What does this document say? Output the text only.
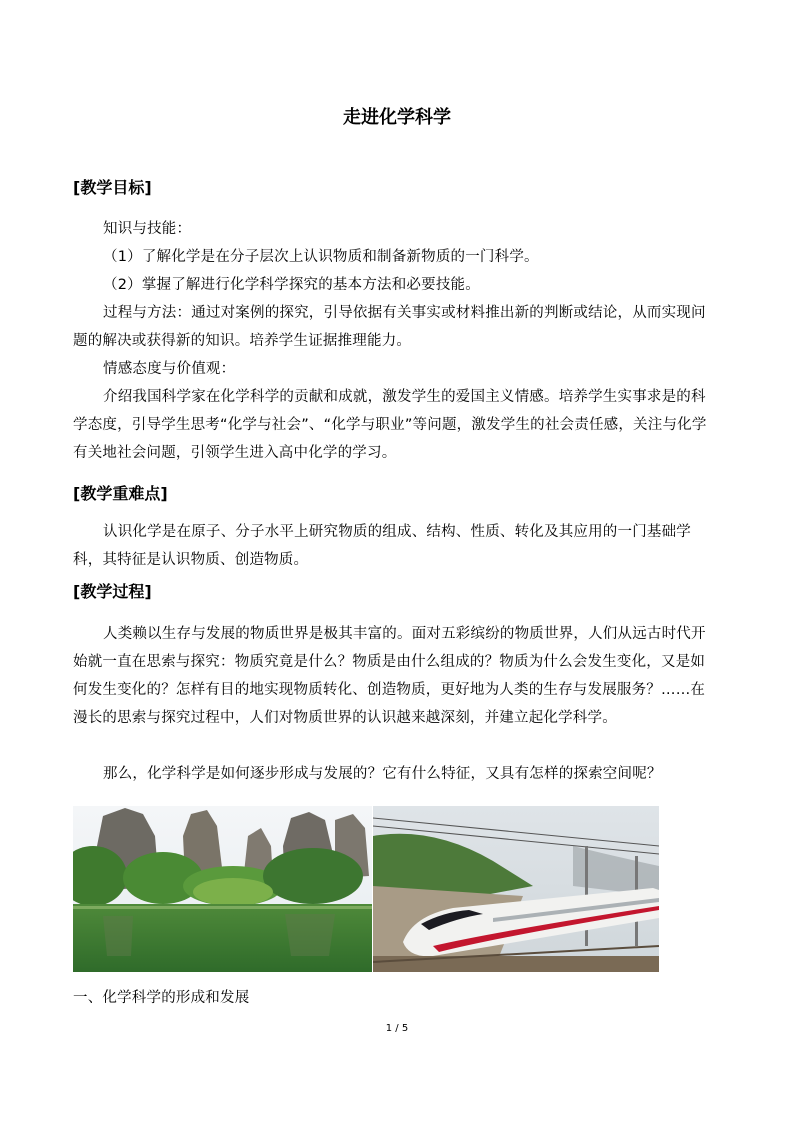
走进化学科学
[教学目标]
知识与技能：
（1）了解化学是在分子层次上认识物质和制备新物质的一门科学。
（2）掌握了解进行化学科学探究的基本方法和必要技能。
过程与方法：通过对案例的探究，引导依据有关事实或材料推出新的判断或结论，从而实现问题的解决或获得新的知识。培养学生证据推理能力。
情感态度与价值观：
介绍我国科学家在化学科学的贡献和成就，激发学生的爱国主义情感。培养学生实事求是的科学态度，引导学生思考“化学与社会”、“化学与职业”等问题，激发学生的社会责任感，关注与化学有关地社会问题，引领学生进入高中化学的学习。
[教学重难点]
认识化学是在原子、分子水平上研究物质的组成、结构、性质、转化及其应用的一门基础学科，其特征是认识物质、创造物质。
[教学过程]
人类赖以生存与发展的物质世界是极其丰富的。面对五彩缤纷的物质世界，人们从远古时代开始就一直在思索与探究：物质究竟是什么？物质是由什么组成的？物质为什么会发生变化，又是如何发生变化的？怎样有目的地实现物质转化、创造物质，更好地为人类的生存与发展服务？……在漫长的思索与探究过程中，人们对物质世界的认识越来越深刻，并建立起化学科学。
那么，化学科学是如何逐步形成与发展的？它有什么特征，又具有怎样的探索空间呢？
一、化学科学的形成和发展
1 / 5
